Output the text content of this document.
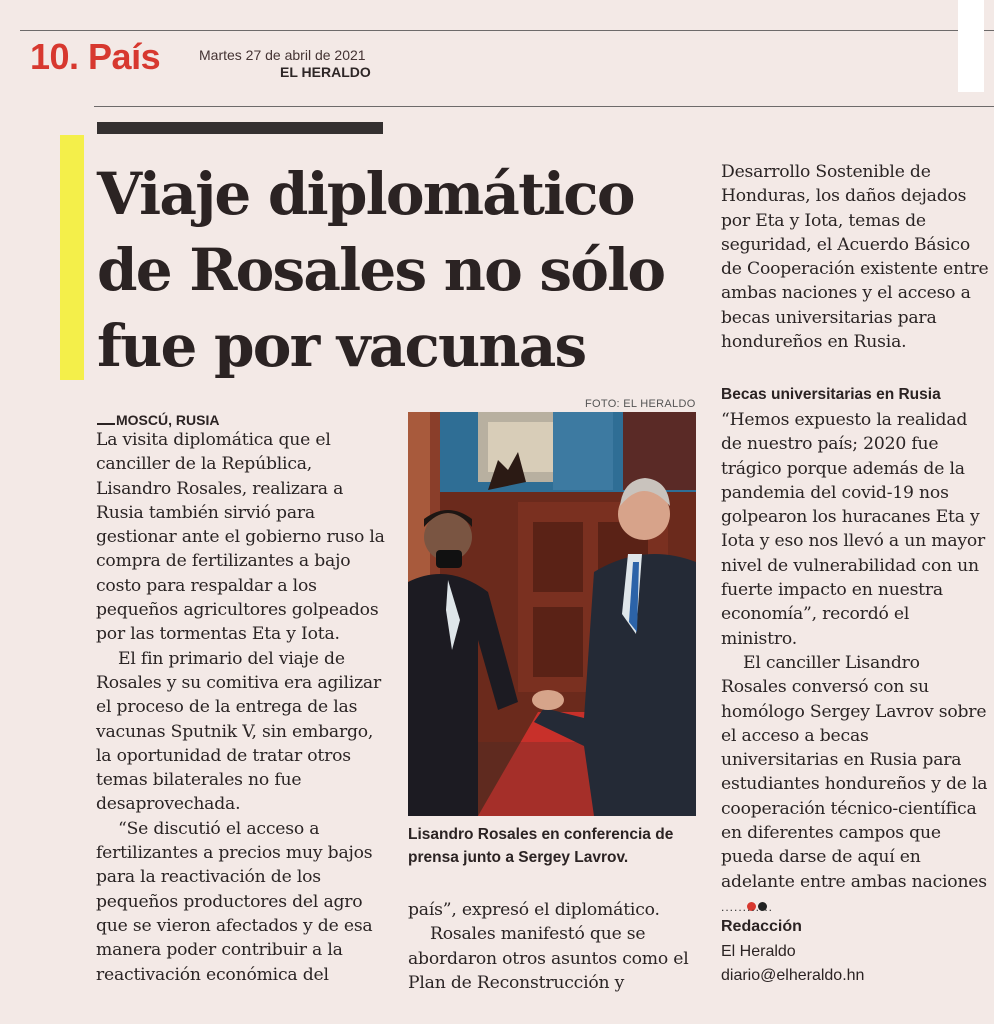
10. País	Martes 27 de abril de 2021
EL HERALDO
Viaje diplomático de Rosales no sólo fue por vacunas
MOSCÚ, RUSIA

La visita diplomática que el canciller de la República, Lisandro Rosales, realizara a Rusia también sirvió para gestionar ante el gobierno ruso la compra de fertilizantes a bajo costo para respaldar a los pequeños agricultores golpeados por las tormentas Eta y Iota.

El fin primario del viaje de Rosales y su comitiva era agilizar el proceso de la entrega de las vacunas Sputnik V, sin embargo, la oportunidad de tratar otros temas bilaterales no fue desaprovechada.

“Se discutió el acceso a fertilizantes a precios muy bajos para la reactivación de los pequeños productores del agro que se vieron afectados y de esa manera poder contribuir a la reactivación económica del

FOTO: EL HERALDO
Lisandro Rosales en conferencia de prensa junto a Sergey Lavrov.

país”, expresó el diplomático.

Rosales manifestó que se abordaron otros asuntos como el Plan de Reconstrucción y

Desarrollo Sostenible de Honduras, los daños dejados por Eta y Iota, temas de seguridad, el Acuerdo Básico de Cooperación existente entre ambas naciones y el acceso a becas universitarias para hondureños en Rusia.

Becas universitarias en Rusia

“Hemos expuesto la realidad de nuestro país; 2020 fue trágico porque además de la pandemia del covid-19 nos golpearon los huracanes Eta y Iota y eso nos llevó a un mayor nivel de vulnerabilidad con un fuerte impacto en nuestra economía”, recordó el ministro.

El canciller Lisandro Rosales conversó con su homólogo Sergey Lavrov sobre el acceso a becas universitarias en Rusia para estudiantes hondureños y de la cooperación técnico-científica en diferentes campos que pueda darse de aquí en adelante entre ambas naciones

............
Redacción
El Heraldo
diario@elheraldo.hn
